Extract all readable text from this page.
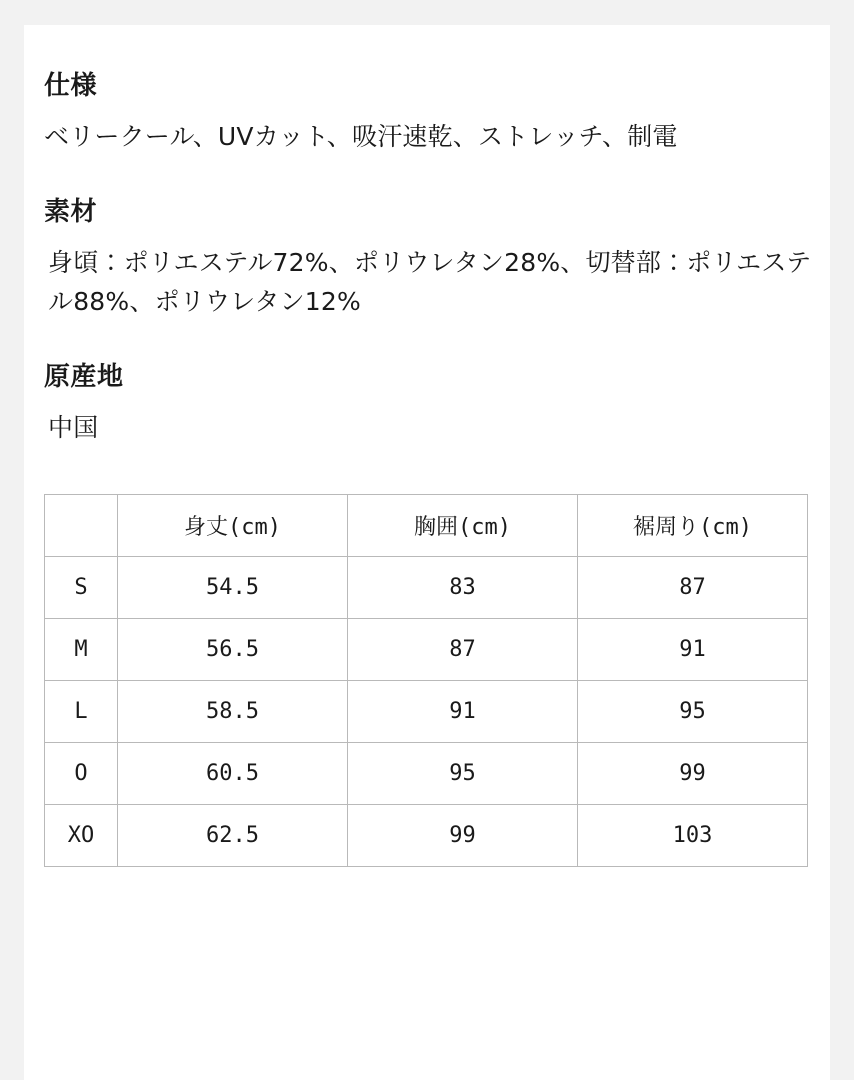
仕様

ベリークール、UVカット、吸汗速乾、ストレッチ、制電

素材

身頃：ポリエステル72%、ポリウレタン28%、切替部：ポリエステル88%、ポリウレタン12%

原産地

中国

	身丈(cm)	胸囲(cm)	裾周り(cm)
S	54.5	83	87
M	56.5	87	91
L	58.5	91	95
O	60.5	95	99
XO	62.5	99	103
